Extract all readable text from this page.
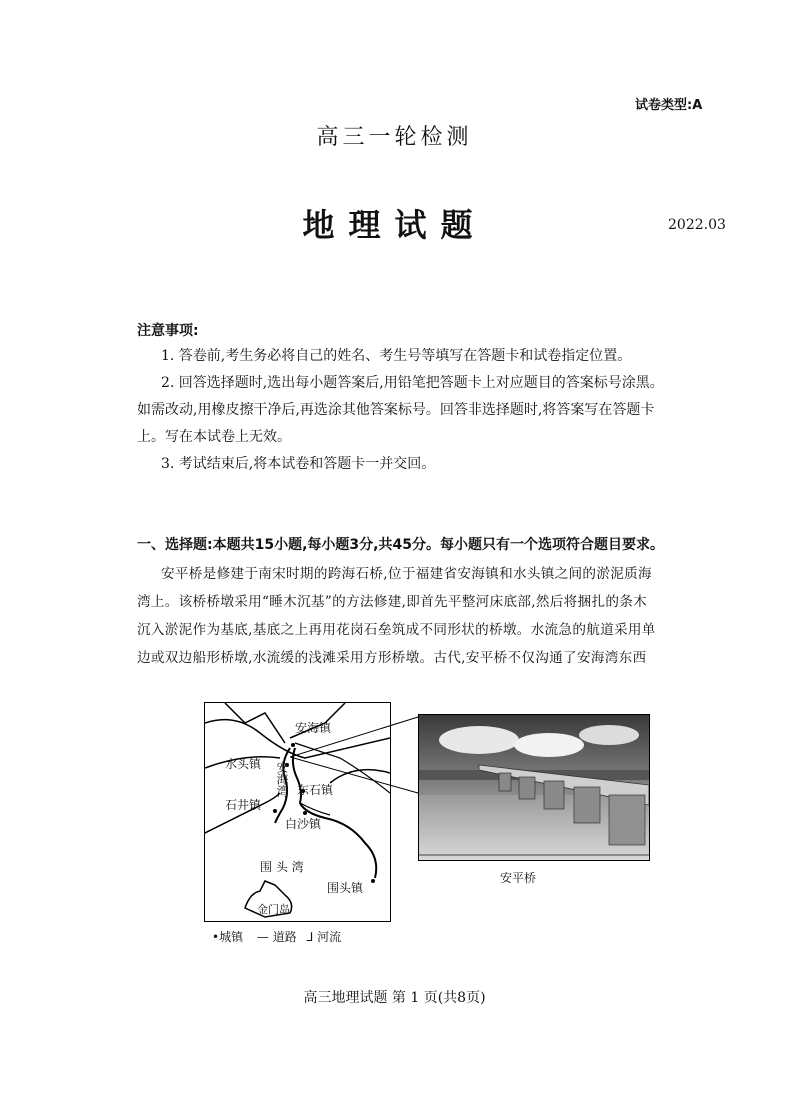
试卷类型:A
高三一轮检测
地理试题	2022.03
注意事项:
1. 答卷前,考生务必将自己的姓名、考生号等填写在答题卡和试卷指定位置。
2. 回答选择题时,选出每小题答案后,用铅笔把答题卡上对应题目的答案标号涂黑。
如需改动,用橡皮擦干净后,再选涂其他答案标号。回答非选择题时,将答案写在答题卡
上。写在本试卷上无效。
3. 考试结束后,将本试卷和答题卡一并交回。
一、选择题:本题共15小题,每小题3分,共45分。每小题只有一个选项符合题目要求。
安平桥是修建于南宋时期的跨海石桥,位于福建省安海镇和水头镇之间的淤泥质海
湾上。该桥桥墩采用“睡木沉基”的方法修建,即首先平整河床底部,然后将捆扎的条木
沉入淤泥作为基底,基底之上再用花岗石垒筑成不同形状的桥墩。水流急的航道采用单
边或双边船形桥墩,水流缓的浅滩采用方形桥墩。古代,安平桥不仅沟通了安海湾东西
安海镇
水头镇
东石镇
石井镇
白沙镇
围头镇
金门岛
安海湾
围 头 湾
•城镇 — 道路 ⅃ 河流
安平桥
高三地理试题 第 1 页(共8页)
